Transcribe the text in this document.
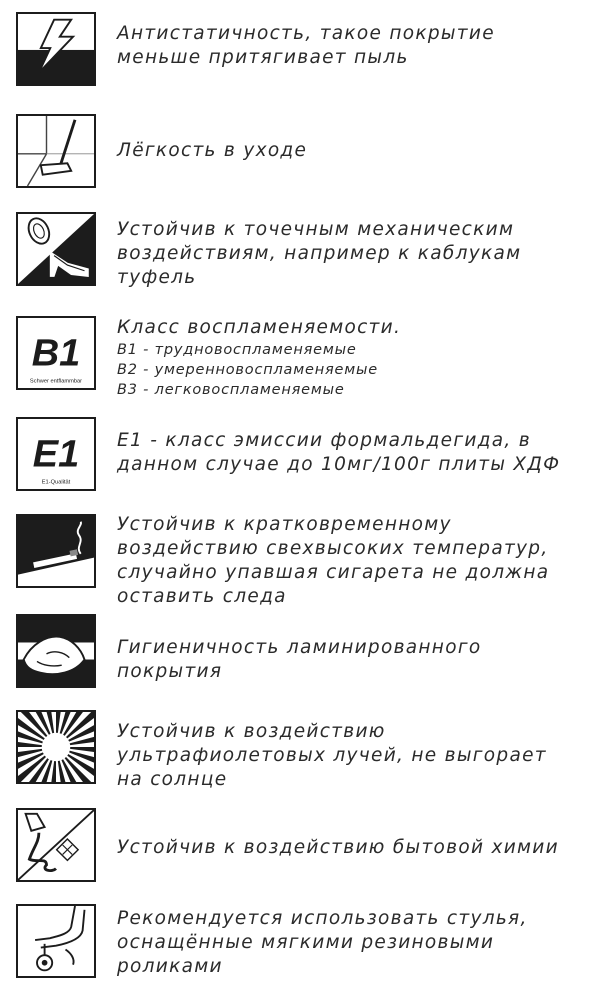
Антистатичность, такое покрытие
меньше притягивает пыль
Лёгкость в уходе
Устойчив к точечным механическим
воздействиям, например к каблукам
туфель
B1
Schwer entflammbar
Класс воспламеняемости.
B1 - трудновоспламеняемые
B2 - умеренновоспламеняемые
B3 - легковоспламеняемые
E1
E1-Qualität
E1 - класс эмиссии формальдегида, в
данном случае до 10мг/100г плиты ХДФ
Устойчив к кратковременному
воздействию свехвысоких температур,
случайно упавшая сигарета не должна
оставить следа
Гигиеничность ламинированного
покрытия
Устойчив к воздействию
ультрафиолетовых лучей, не выгорает
на солнце
Устойчив к воздействию бытовой химии
Рекомендуется использовать стулья,
оснащённые мягкими резиновыми
роликами
